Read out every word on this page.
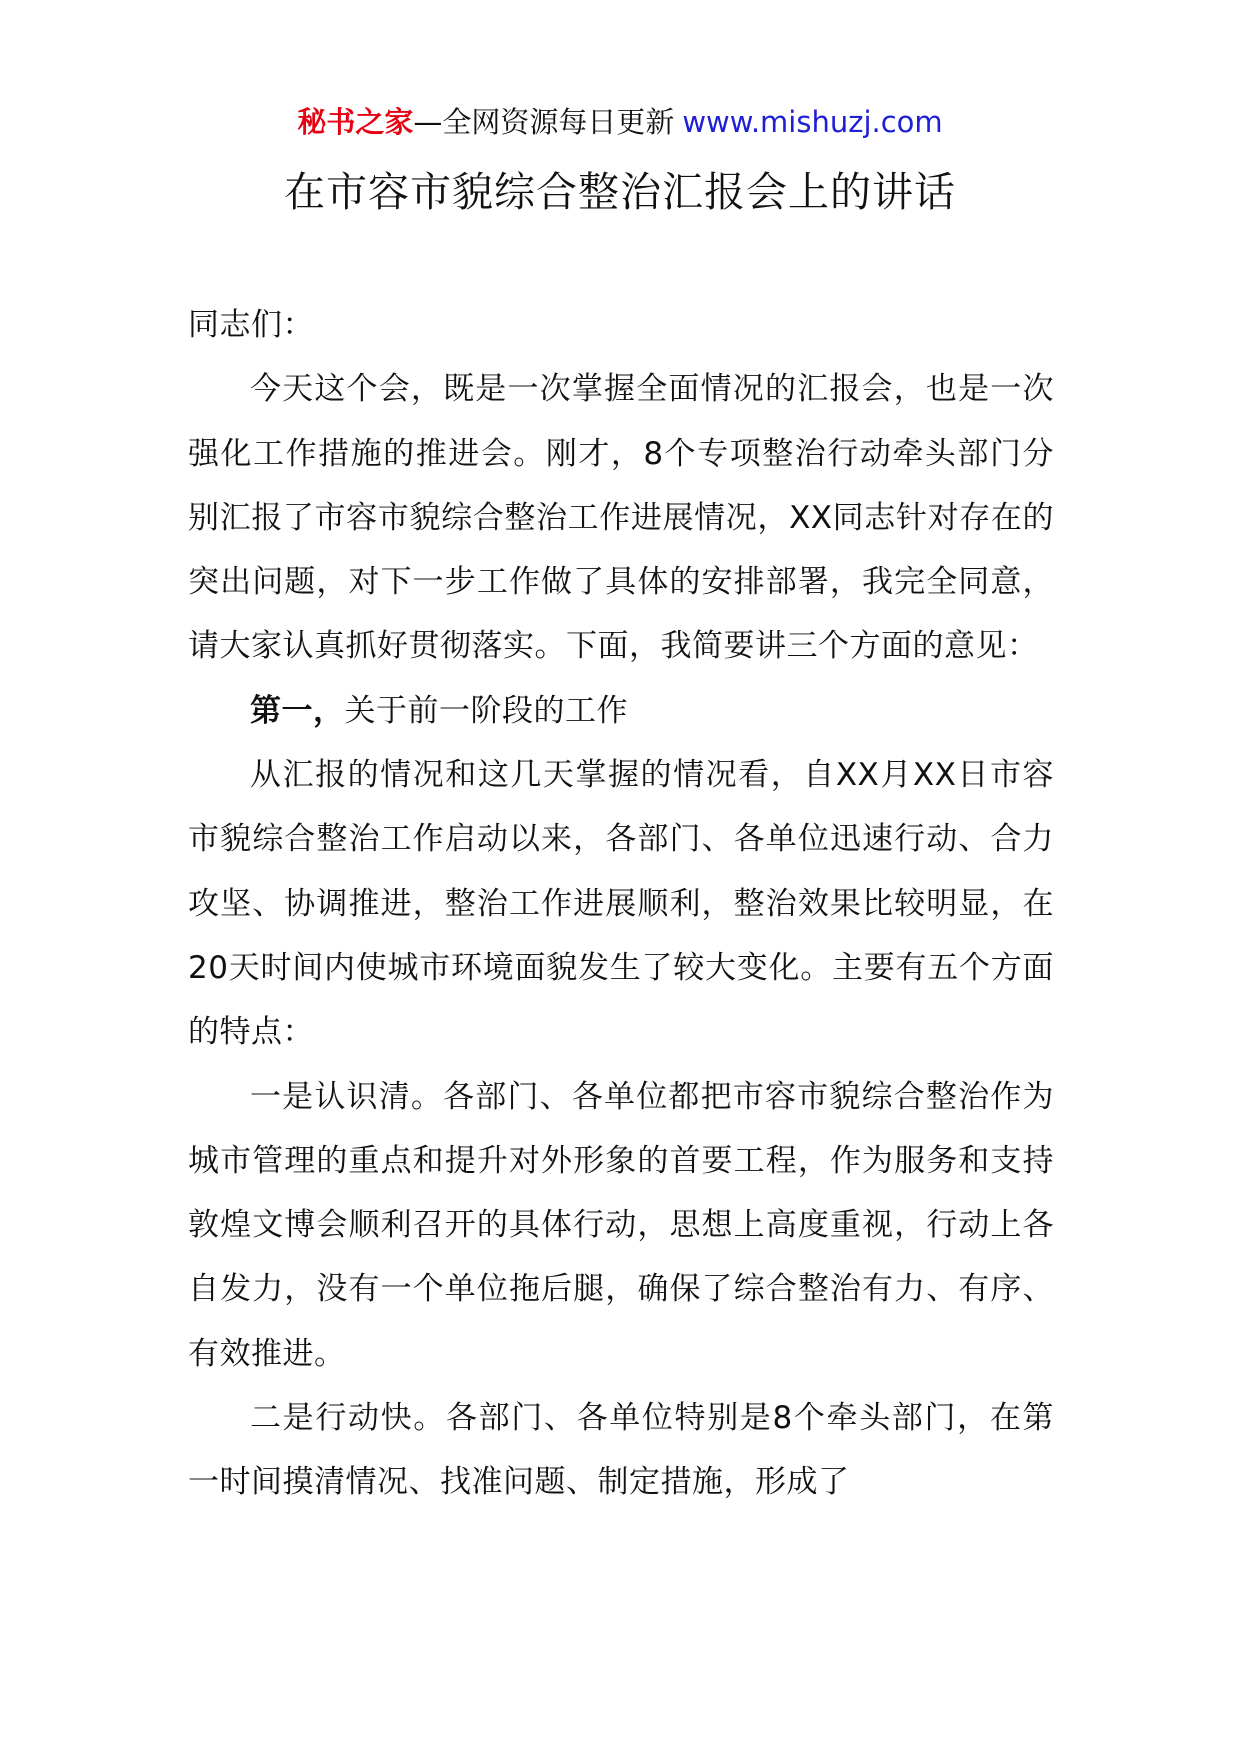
秘书之家—全网资源每日更新 www.mishuzj.com
在市容市貌综合整治汇报会上的讲话

同志们：

今天这个会，既是一次掌握全面情况的汇报会，也是一次强化工作措施的推进会。刚才，8个专项整治行动牵头部门分别汇报了市容市貌综合整治工作进展情况，XX同志针对存在的突出问题，对下一步工作做了具体的安排部署，我完全同意，请大家认真抓好贯彻落实。下面，我简要讲三个方面的意见：

第一，关于前一阶段的工作

从汇报的情况和这几天掌握的情况看，自XX月XX日市容市貌综合整治工作启动以来，各部门、各单位迅速行动、合力攻坚、协调推进，整治工作进展顺利，整治效果比较明显，在20天时间内使城市环境面貌发生了较大变化。主要有五个方面的特点：

一是认识清。各部门、各单位都把市容市貌综合整治作为城市管理的重点和提升对外形象的首要工程，作为服务和支持敦煌文博会顺利召开的具体行动，思想上高度重视，行动上各自发力，没有一个单位拖后腿，确保了综合整治有力、有序、有效推进。

二是行动快。各部门、各单位特别是8个牵头部门，在第一时间摸清情况、找准问题、制定措施，形成了
